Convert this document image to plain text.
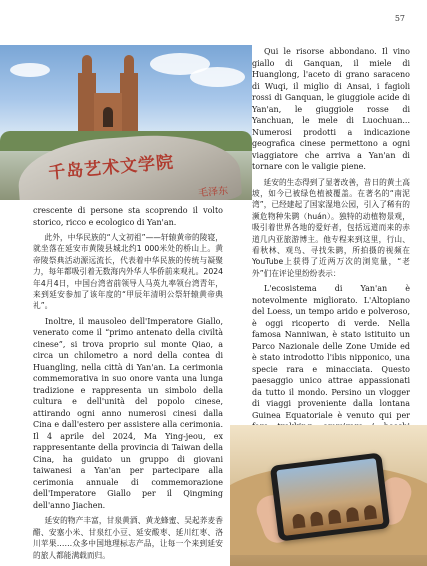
57
千岛艺术文学院
毛泽东

crescente di persone sta scoprendo il volto storico, ricco e ecologico di Yan'an.

此外，中华民族的“人文初祖”——轩辕黄帝的陵寝，就坐落在延安市黄陵县城北约1 000米处的桥山上。黄帝陵祭典活动源远流长，代表着中华民族的传统与凝聚力，每年都吸引着无数海内外华人华侨前来观礼。2024年4月4日，中国台湾省前领导人马英九率领台湾青年，来到延安参加了该年度的“甲辰年清明公祭轩辕黄帝典礼”。

Inoltre, il mausoleo dell'Imperatore Giallo, venerato come il “primo antenato della civiltà cinese”, si trova proprio sul monte Qiao, a circa un chilometro a nord della contea di Huangling, nella città di Yan'an. La cerimonia commemorativa in suo onore vanta una lunga tradizione e rappresenta un simbolo della cultura e dell'unità del popolo cinese, attirando ogni anno numerosi cinesi dalla Cina e dall'estero per assistere alla cerimonia. Il 4 aprile del 2024, Ma Ying-jeou, ex rappresentante della provincia di Taiwan della Cina, ha guidato un gruppo di giovani taiwanesi a Yan'an per partecipare alla cerimonia annuale di commemorazione dell'Imperatore Giallo per il Qingming dell'anno Jiachen.

延安的物产丰富，甘泉黄酒、黄龙蜂蜜、吴起荞麦香醋、安塞小米、甘泉红小豆、延安酸枣、延川红枣、洛川苹果……众多中国地理标志产品，让每一个来到延安的旅人都能满载而归。

Qui le risorse abbondano. Il vino giallo di Ganquan, il miele di Huanglong, l'aceto di grano saraceno di Wuqi, il miglio di Ansai, i fagioli rossi di Ganquan, le giuggiole acide di Yan'an, le giuggiole rosse di Yanchuan, le mele di Luochuan... Numerosi prodotti a indicazione geografica cinese permettono a ogni viaggiatore che arriva a Yan'an di tornare con le valigie piene.

延安的生态得到了显著改善，昔日的黄土高坡，如今已被绿色植被覆盖。在著名的“南泥湾”，已经建起了国家湿地公园，引入了稀有的濒危物种朱鹮（huán）。独特的动植物景观，吸引着世界各地的爱好者，包括远道而来的赤道几内亚旅游博主。他专程来到这里，行山、看秋林、观鸟、寻找朱鹮，所拍摄的视频在YouTube上获得了近两万次的浏览量，“老外”们在评论里纷纷表示：

L'ecosistema di Yan'an è notevolmente migliorato. L'Altopiano del Loess, un tempo arido e polveroso, è oggi ricoperto di verde. Nella famosa Nanniwan, è stato istituito un Parco Nazionale delle Zone Umide ed è stato introdotto l'ibis nipponico, una specie rara e minacciata. Questo paesaggio unico attrae appassionati da tutto il mondo. Persino un vlogger di viaggi proveniente dalla lontana Guinea Equatoriale è venuto qui per
